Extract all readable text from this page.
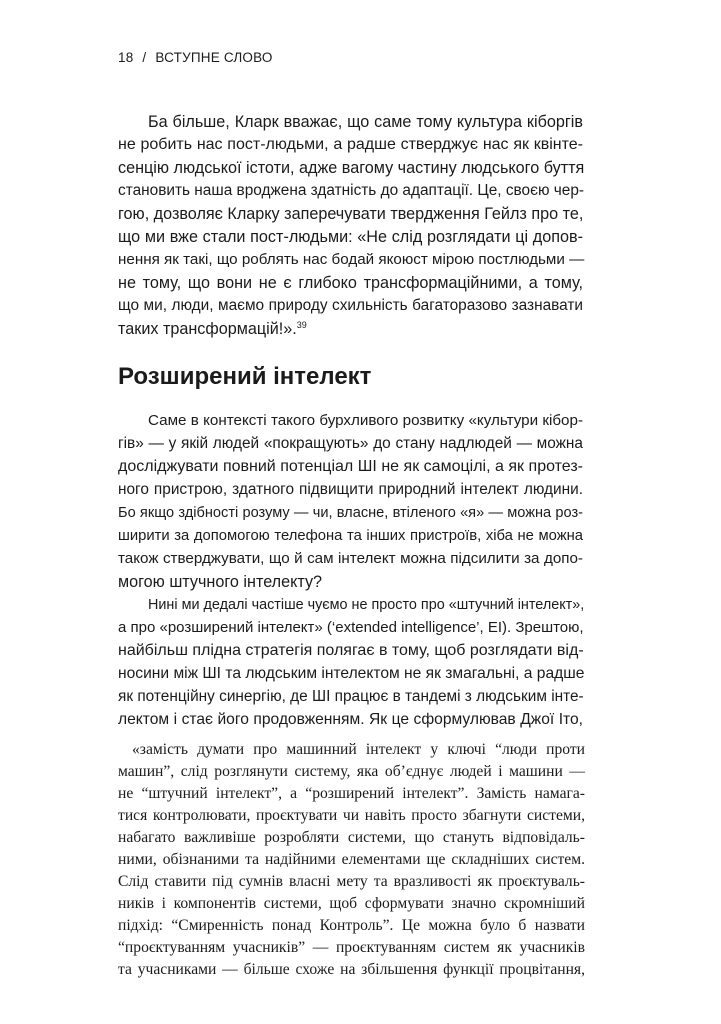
18 / ВСТУПНЕ СЛОВО
Ба більше, Кларк вважає, що саме тому культура кіборгів
не робить нас пост-людьми, а радше стверджує нас як квінте-
сенцію людської істоти, адже вагому частину людського буття
становить наша вроджена здатність до адаптації. Це, своєю чер-
гою, дозволяє Кларку заперечувати твердження Гейлз про те,
що ми вже стали пост-людьми: «Не слід розглядати ці допов-
нення як такі, що роблять нас бодай якоюст мірою постлюдьми —
не тому, що вони не є глибоко трансформаційними, а тому,
що ми, люди, маємо природу схильність багаторазово зазнавати
таких трансформацій!».$^{39}$
Розширений інтелект
Саме в контексті такого бурхливого розвитку «культури кібор-
гів» — у якій людей «покращують» до стану надлюдей — можна
досліджувати повний потенціал ШІ не як самоцілі, а як протез-
ного пристрою, здатного підвищити природний інтелект людини.
Бо якщо здібності розуму — чи, власне, втіленого «я» — можна роз-
ширити за допомогою телефона та інших пристроїв, хіба не можна
також стверджувати, що й сам інтелект можна підсилити за допо-
могою штучного інтелекту?
Нині ми дедалі частіше чуємо не просто про «штучний інтелект»,
а про «розширений інтелект» (‘extended intelligence’, EI). Зрештою,
найбільш плідна стратегія полягає в тому, щоб розглядати від-
носини між ШІ та людським інтелектом не як змагальні, а радше
як потенційну синергію, де ШІ працює в тандемі з людським інте-
лектом і стає його продовженням. Як це сформулював Джої Іто,
«замість думати про машинний інтелект у ключі “люди проти
машин”, слід розглянути систему, яка об’єднує людей і машини —
не “штучний інтелект”, а “розширений інтелект”. Замість намага-
тися контролювати, проєктувати чи навіть просто збагнути системи,
набагато важливіше розробляти системи, що стануть відповідаль-
ними, обізнаними та надійними елементами ще складніших систем.
Слід ставити під сумнів власні мету та вразливості як проєктуваль-
ників і компонентів системи, щоб сформувати значно скромніший
підхід: “Смиренність понад Контроль”. Це можна було б назвати
“проєктуванням учасників” — проєктуванням систем як учасників
та учасниками — більше схоже на збільшення функції процвітання,
